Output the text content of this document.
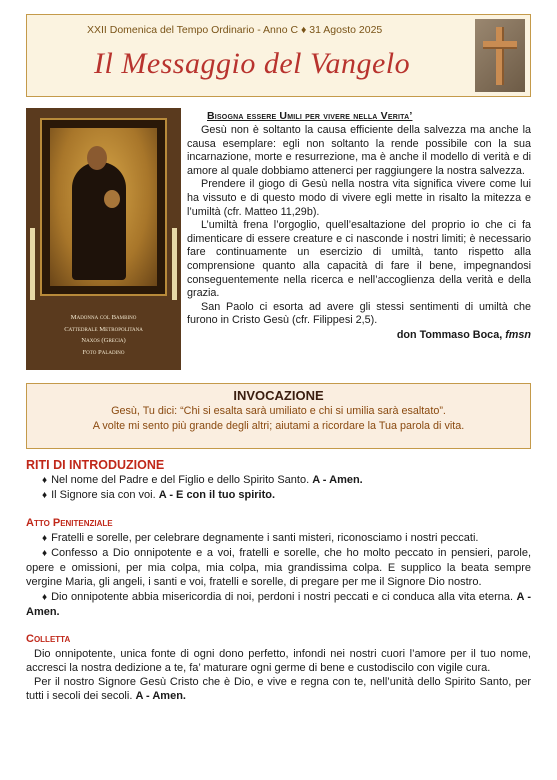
XXII Domenica del Tempo Ordinario - Anno C ♦ 31 Agosto 2025
Il Messaggio del Vangelo
Madonna col Bambino
Cattedrale Metropolitana
Naxos (Grecia)
Foto Paladino
Bisogna essere Umili per vivere nella Verita’

Gesù non è soltanto la causa efficiente della salvezza ma anche la causa esemplare: egli non soltanto la rende possibile con la sua incarnazione, morte e resurrezione, ma è anche il modello di verità e di amore al quale dobbiamo attenerci per raggiungere la nostra salvezza.

Prendere il giogo di Gesù nella nostra vita significa vivere come lui ha vissuto e di questo modo di vivere egli mette in risalto la mitezza e l’umiltà (cfr. Matteo 11,29b).

L’umiltà frena l’orgoglio, quell’esaltazione del proprio io che ci fa dimenticare di essere creature e ci nasconde i nostri limiti; è necessario fare continuamente un esercizio di umiltà, tanto rispetto alla comprensione quanto alla capacità di fare il bene, impegnandosi conseguentemente nella ricerca e nell’accoglienza della verità e della grazia.

San Paolo ci esorta ad avere gli stessi sentimenti di umiltà che furono in Cristo Gesù (cfr. Filippesi 2,5).

don Tommaso Boca, fmsn
INVOCAZIONE
Gesù, Tu dici: “Chi si esalta sarà umiliato e chi si umilia sarà esaltato”.
A volte mi sento più grande degli altri; aiutami a ricordare la Tua parola di vita.
RITI DI INTRODUZIONE

♦ Nel nome del Padre e del Figlio e dello Spirito Santo. A - Amen.

♦ Il Signore sia con voi. A - E con il tuo spirito.

Atto Penitenziale

♦ Fratelli e sorelle, per celebrare degnamente i santi misteri, riconosciamo i nostri peccati.

♦ Confesso a Dio onnipotente e a voi, fratelli e sorelle, che ho molto peccato in pensieri, parole, opere e omissioni, per mia colpa, mia colpa, mia grandissima colpa. E supplico la beata sempre vergine Maria, gli angeli, i santi e voi, fratelli e sorelle, di pregare per me il Signore Dio nostro.

♦ Dio onnipotente abbia misericordia di noi, perdoni i nostri peccati e ci conduca alla vita eterna. A - Amen.

Colletta

Dio onnipotente, unica fonte di ogni dono perfetto, infondi nei nostri cuori l’amore per il tuo nome, accresci la nostra dedizione a te, fa’ maturare ogni germe di bene e custodiscilo con vigile cura.

Per il nostro Signore Gesù Cristo che è Dio, e vive e regna con te, nell’unità dello Spirito Santo, per tutti i secoli dei secoli. A - Amen.
